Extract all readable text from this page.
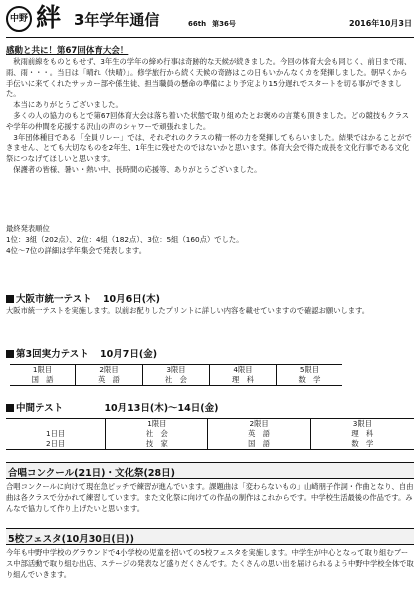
中野 絆 3年学年通信	66th 第36号	2016年10月3日
感動と共に！第67回体育大会！

秋雨前線をものともせず、3年生の学年の締め行事は奇跡的な天候が続きました。今回の体育大会も同じく、前日まで雨、雨、雨・・・。当日は「晴れ（快晴）」。修学旅行から続く天候の奇跡はこの日もいかんなくカを発揮しました。朝早くから手伝いに来てくれたサッカー部や係生徒、担当職員の懸命の準備により予定より15分遅れでスタートを切る事ができました。

本当にありがとうございました。

多くの人の協力のもとで第67回体育大会は落ち着いた状態で取り組めたとお褒めの言葉も頂きました。どの競技もクラスや学年の仲間を応援する沢山の声のシャワーで頑張れました。

3年団体種目である「全員リレー」では、それぞれのクラスの精一杯の力を発揮してもらいました。結果ではかることができません、とても大切なものを2年生、1年生に残せたのではないかと思います。体育大会で得た成長を文化行事である文化祭につなげてほしいと思います。

保護者の皆様、暑い・熱い中、長時間の応援等、ありがとうございました。

最終発表順位

1位：3組（202点）、2位：4組（182点）、3位：5組（160点）でした。

4位～7位の詳細は学年集会で発表します。

大阪市統一テスト 10月6日(木)

大阪市統一テストを実施します。以前お配りしたプリントに詳しい内容を載せていますので確認お願いします。

第3回実力テスト 10月7日(金)
1限目	2限目	3限目	4限目	5限目
国　語	英　語	社　会	理　科	数　学
中間テスト	10月13日(木)～14日(金)
	1限目	2限目	3限目
1日目	社　会	英　語	理　科
2日目	技　家	国　語	数　学
合唱コンクール(21日)・文化祭(28日)

合唱コンクールに向けて現在急ピッチで練習が進んでいます。課題曲は「変わらないもの」山崎朋子作詞・作曲となり、自由曲は各クラスで分かれて練習しています。また文化祭に向けての作品の制作はこれからです。中学校生活最後の作品です。みんなで協力して作り上げたいと思います。

5校フェスタ(10月30日(日))

今年も中野中学校のグラウンドで4小学校の児童を招いての5校フェスタを実施します。中学生が中心となって取り組むブース中部活動で取り組む出店、ステージの発表など盛りだくさんです。たくさんの思い出を届けられるよう中野中学校全体で取り組んでいきます。
